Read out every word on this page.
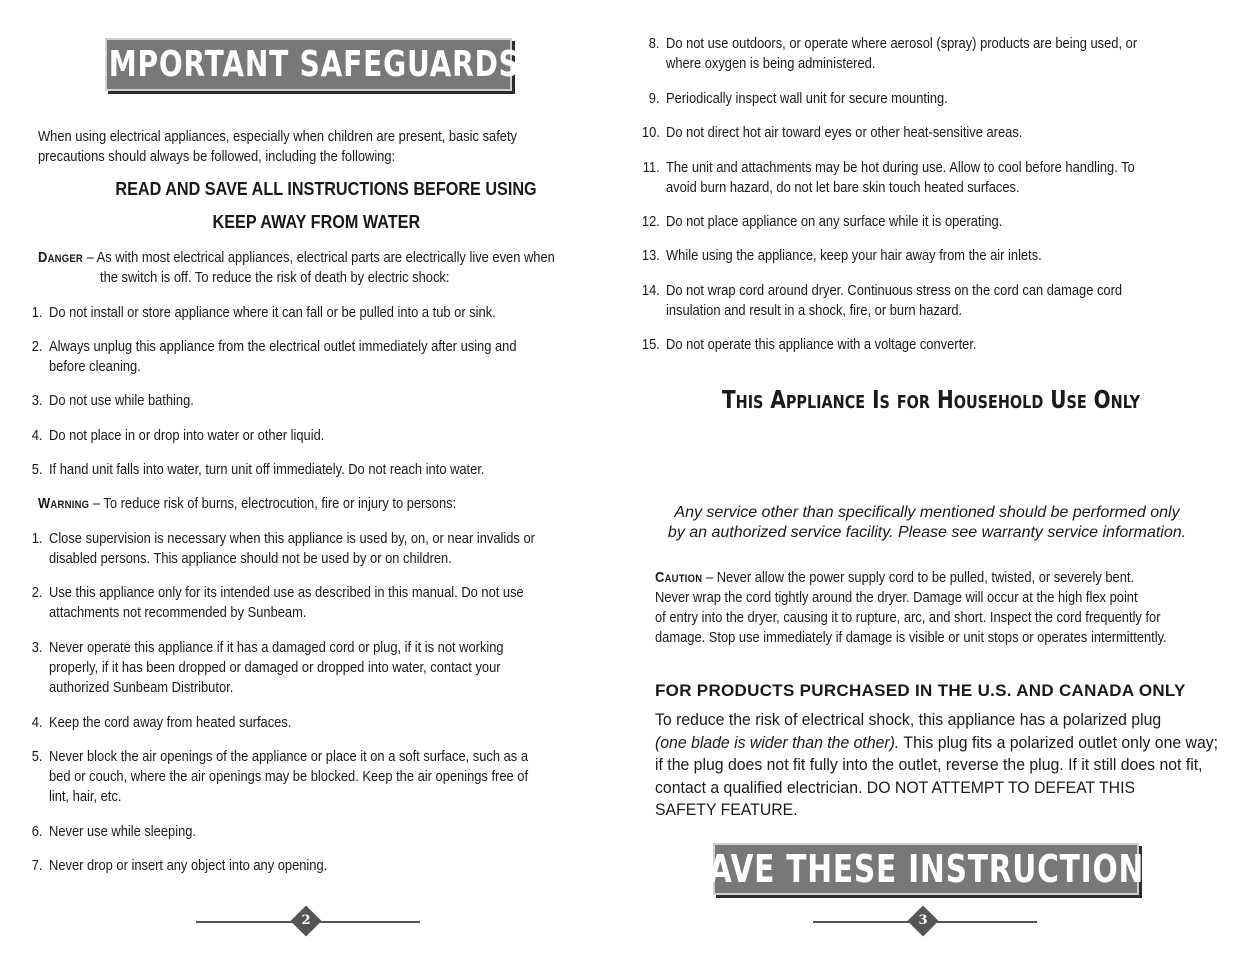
IMPORTANT SAFEGUARDS
When using electrical appliances, especially when children are present, basic safety
precautions should always be followed, including the following:
READ AND SAVE ALL INSTRUCTIONS BEFORE USING
KEEP AWAY FROM WATER
Danger – As with most electrical appliances, electrical parts are electrically live even when
the switch is off. To reduce the risk of death by electric shock:
1. Do not install or store appliance where it can fall or be pulled into a tub or sink.
2. Always unplug this appliance from the electrical outlet immediately after using and
before cleaning.
3. Do not use while bathing.
4. Do not place in or drop into water or other liquid.
5. If hand unit falls into water, turn unit off immediately. Do not reach into water.
Warning – To reduce risk of burns, electrocution, fire or injury to persons:
1. Close supervision is necessary when this appliance is used by, on, or near invalids or
disabled persons. This appliance should not be used by or on children.
2. Use this appliance only for its intended use as described in this manual. Do not use
attachments not recommended by Sunbeam.
3. Never operate this appliance if it has a damaged cord or plug, if it is not working
properly, if it has been dropped or damaged or dropped into water, contact your
authorized Sunbeam Distributor.
4. Keep the cord away from heated surfaces.
5. Never block the air openings of the appliance or place it on a soft surface, such as a
bed or couch, where the air openings may be blocked. Keep the air openings free of
lint, hair, etc.
6. Never use while sleeping.
7. Never drop or insert any object into any opening.
2
8. Do not use outdoors, or operate where aerosol (spray) products are being used, or
where oxygen is being administered.
9. Periodically inspect wall unit for secure mounting.
10. Do not direct hot air toward eyes or other heat-sensitive areas.
11. The unit and attachments may be hot during use. Allow to cool before handling. To
avoid burn hazard, do not let bare skin touch heated surfaces.
12. Do not place appliance on any surface while it is operating.
13. While using the appliance, keep your hair away from the air inlets.
14. Do not wrap cord around dryer. Continuous stress on the cord can damage cord
insulation and result in a shock, fire, or burn hazard.
15. Do not operate this appliance with a voltage converter.
This Appliance Is for Household Use Only
Any service other than specifically mentioned should be performed only
by an authorized service facility. Please see warranty service information.
Caution – Never allow the power supply cord to be pulled, twisted, or severely bent.
Never wrap the cord tightly around the dryer. Damage will occur at the high flex point
of entry into the dryer, causing it to rupture, arc, and short. Inspect the cord frequently for
damage. Stop use immediately if damage is visible or unit stops or operates intermittently.
FOR PRODUCTS PURCHASED IN THE U.S. AND CANADA ONLY
To reduce the risk of electrical shock, this appliance has a polarized plug
(one blade is wider than the other). This plug fits a polarized outlet only one way;
if the plug does not fit fully into the outlet, reverse the plug. If it still does not fit,
contact a qualified electrician. DO NOT ATTEMPT TO DEFEAT THIS
SAFETY FEATURE.
SAVE THESE INSTRUCTIONS
3
